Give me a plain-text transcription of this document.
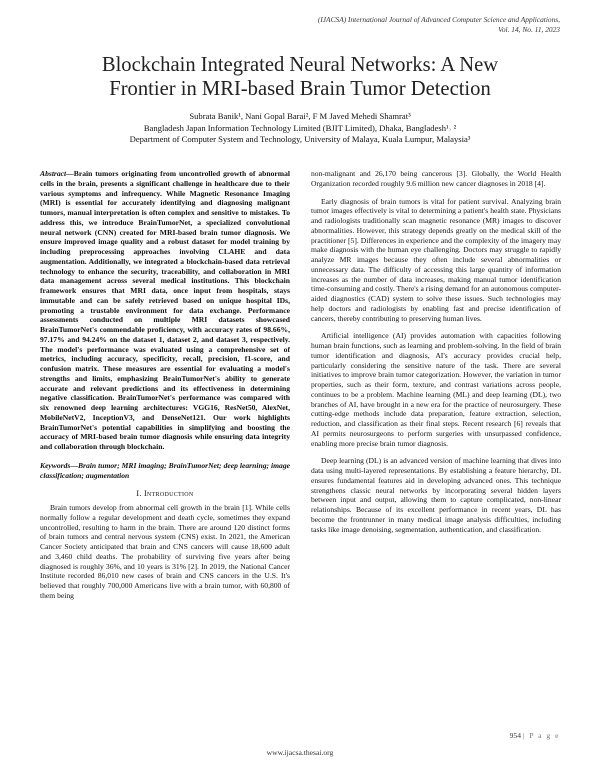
(IJACSA) International Journal of Advanced Computer Science and Applications,
Vol. 14, No. 11, 2023
Blockchain Integrated Neural Networks: A New
Frontier in MRI-based Brain Tumor Detection
Subrata Banik¹, Nani Gopal Barai², F M Javed Mehedi Shamrat³
Bangladesh Japan Information Technology Limited (BJIT Limited), Dhaka, Bangladesh¹˒ ²
Department of Computer System and Technology, University of Malaya, Kuala Lumpur, Malaysia³
Abstract—Brain tumors originating from uncontrolled growth of abnormal cells in the brain, presents a significant challenge in healthcare due to their various symptoms and infrequency. While Magnetic Resonance Imaging (MRI) is essential for accurately identifying and diagnosing malignant tumors, manual interpretation is often complex and sensitive to mistakes. To address this, we introduce BrainTumorNet, a specialized convolutional neural network (CNN) created for MRI-based brain tumor diagnosis. We ensure improved image quality and a robust dataset for model training by including preprocessing approaches involving CLAHE and data augmentation. Additionally, we integrated a blockchain-based data retrieval technology to enhance the security, traceability, and collaboration in MRI data management across several medical institutions. This blockchain framework ensures that MRI data, once input from hospitals, stays immutable and can be safely retrieved based on unique hospital IDs, promoting a trustable environment for data exchange. Performance assessments conducted on multiple MRI datasets showcased BrainTumorNet's commendable proficiency, with accuracy rates of 98.66%, 97.17% and 94.24% on the dataset 1, dataset 2, and dataset 3, respectively. The model's performance was evaluated using a comprehensive set of metrics, including accuracy, specificity, recall, precision, f1-score, and confusion matrix. These measures are essential for evaluating a model's strengths and limits, emphasizing BrainTumorNet's ability to generate accurate and relevant predictions and its effectiveness in determining negative classification. BrainTumorNet's performance was compared with six renowned deep learning architectures: VGG16, ResNet50, AlexNet, MobileNetV2, InceptionV3, and DenseNet121. Our work highlights BrainTumorNet's potential capabilities in simplifying and boosting the accuracy of MRI-based brain tumor diagnosis while ensuring data integrity and collaboration through blockchain.
Keywords—Brain tumor; MRI imaging; BrainTumorNet; deep learning; image classification; augmentation
I. Introduction

Brain tumors develop from abnormal cell growth in the brain [1]. While cells normally follow a regular development and death cycle, sometimes they expand uncontrolled, resulting to harm in the brain. There are around 120 distinct forms of brain tumors and central nervous system (CNS) exist. In 2021, the American Cancer Society anticipated that brain and CNS cancers will cause 18,600 adult and 3,460 child deaths. The probability of surviving five years after being diagnosed is roughly 36%, and 10 years is 31% [2]. In 2019, the National Cancer Institute recorded 86,010 new cases of brain and CNS cancers in the U.S. It's believed that roughly 700,000 Americans live with a brain tumor, with 60,800 of them being

non-malignant and 26,170 being cancerous [3]. Globally, the World Health Organization recorded roughly 9.6 million new cancer diagnoses in 2018 [4].

Early diagnosis of brain tumors is vital for patient survival. Analyzing brain tumor images effectively is vital to determining a patient's health state. Physicians and radiologists traditionally scan magnetic resonance (MR) images to discover abnormalities. However, this strategy depends greatly on the medical skill of the practitioner [5]. Differences in experience and the complexity of the imagery may make diagnosis with the human eye challenging. Doctors may struggle to rapidly analyze MR images because they often include several abnormalities or unnecessary data. The difficulty of accessing this large quantity of information increases as the number of data increases, making manual tumor identification time-consuming and costly. There's a rising demand for an autonomous computer-aided diagnostics (CAD) system to solve these issues. Such technologies may help doctors and radiologists by enabling fast and precise identification of cancers, thereby contributing to preserving human lives.

Artificial intelligence (AI) provides automation with capacities following human brain functions, such as learning and problem-solving. In the field of brain tumor identification and diagnosis, AI's accuracy provides crucial help, particularly considering the sensitive nature of the task. There are several initiatives to improve brain tumor categorization. However, the variation in tumor properties, such as their form, texture, and contrast variations across people, continues to be a problem. Machine learning (ML) and deep learning (DL), two branches of AI, have brought in a new era for the practice of neurosurgery. These cutting-edge methods include data preparation, feature extraction, selection, reduction, and classification as their final steps. Recent research [6] reveals that AI permits neurosurgeons to perform surgeries with unsurpassed confidence, enabling more precise brain tumor diagnosis.

Deep learning (DL) is an advanced version of machine learning that dives into data using multi-layered representations. By establishing a feature hierarchy, DL ensures fundamental features aid in developing advanced ones. This technique strengthens classic neural networks by incorporating several hidden layers between input and output, allowing them to capture complicated, non-linear relationships. Because of its excellent performance in recent years, DL has become the frontrunner in many medical image analysis difficulties, including tasks like image denoising, segmentation, authentication, and classification.

954 | P a g e
www.ijacsa.thesai.org
